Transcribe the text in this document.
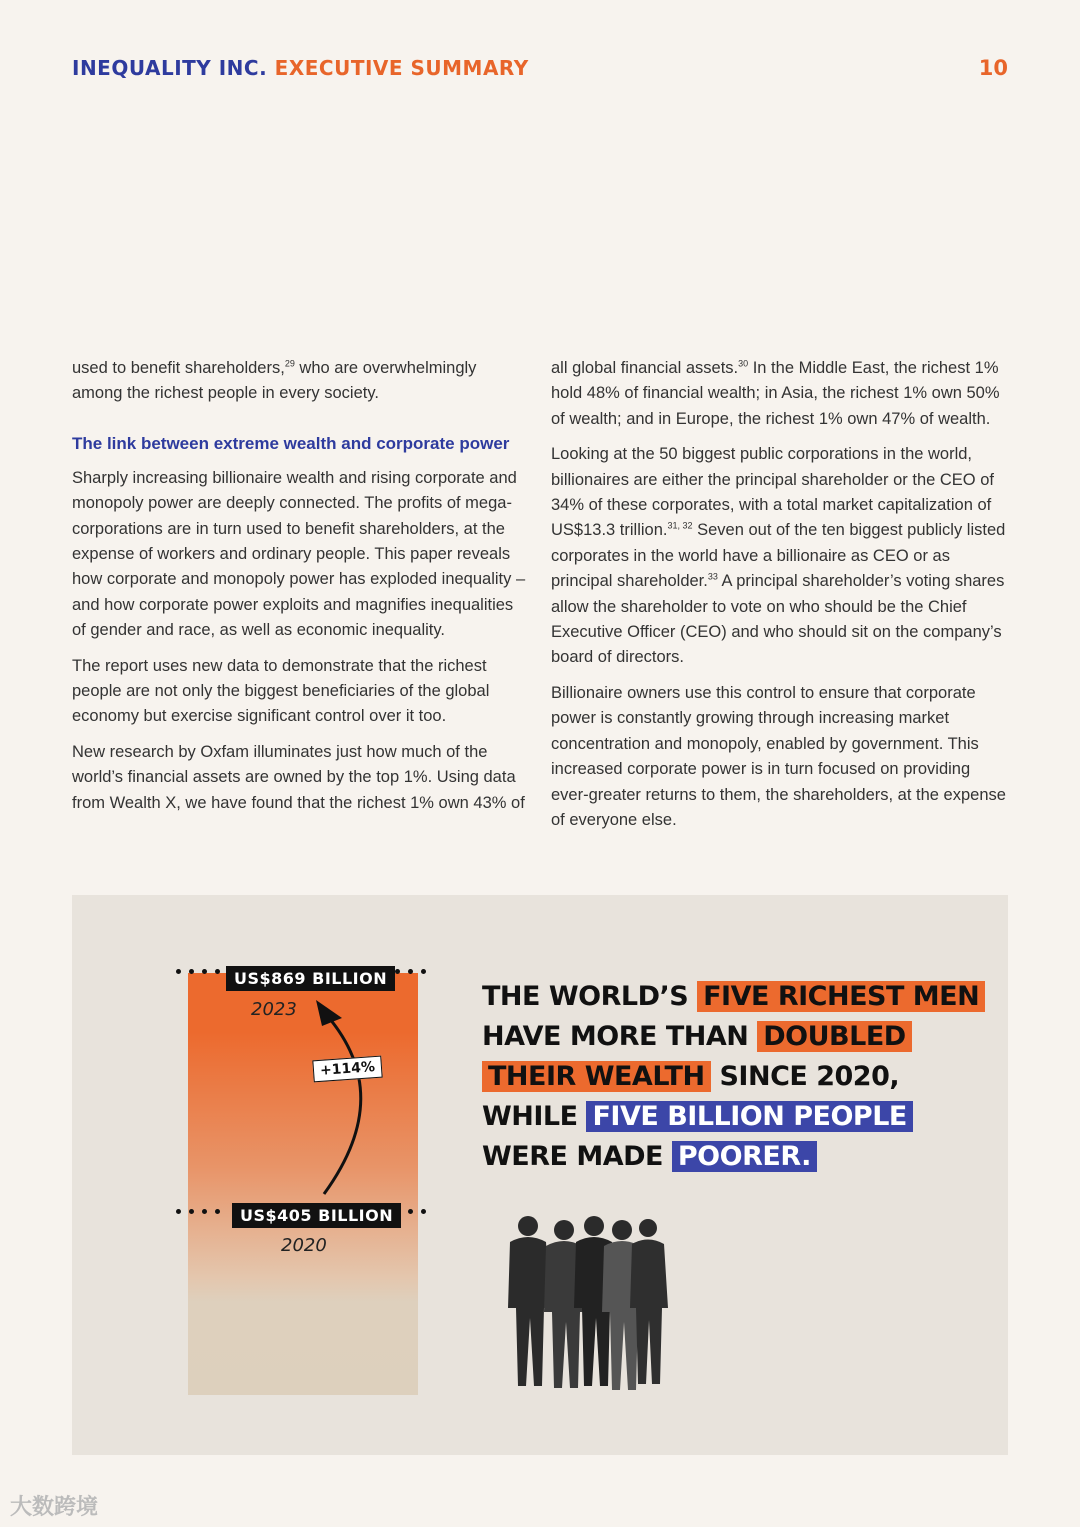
INEQUALITY INC. EXECUTIVE SUMMARY	10

used to benefit shareholders,$^{29}$ who are overwhelmingly among the richest people in every society.

The link between extreme wealth and corporate power

Sharply increasing billionaire wealth and rising corporate and monopoly power are deeply connected. The profits of mega-corporations are in turn used to benefit shareholders, at the expense of workers and ordinary people. This paper reveals how corporate and monopoly power has exploded inequality – and how corporate power exploits and magnifies inequalities of gender and race, as well as economic inequality.

The report uses new data to demonstrate that the richest people are not only the biggest beneficiaries of the global economy but exercise significant control over it too.

New research by Oxfam illuminates just how much of the world’s financial assets are owned by the top 1%. Using data from Wealth X, we have found that the richest 1% own 43% of

all global financial assets.$^{30}$ In the Middle East, the richest 1% hold 48% of financial wealth; in Asia, the richest 1% own 50% of wealth; and in Europe, the richest 1% own 47% of wealth.

Looking at the 50 biggest public corporations in the world, billionaires are either the principal shareholder or the CEO of 34% of these corporates, with a total market capitalization of US$13.3 trillion.$^{31, 32}$ Seven out of the ten biggest publicly listed corporates in the world have a billionaire as CEO or as principal shareholder.$^{33}$ A principal shareholder’s voting shares allow the shareholder to vote on who should be the Chief Executive Officer (CEO) and who should sit on the company’s board of directors.

Billionaire owners use this control to ensure that corporate power is constantly growing through increasing market concentration and monopoly, enabled by government. This increased corporate power is in turn focused on providing ever-greater returns to them, the shareholders, at the expense of everyone else.

US$869 BILLION
2023
+114%
US$405 BILLION
2020
THE WORLD’S FIVE RICHEST MEN
HAVE MORE THAN DOUBLED
THEIR WEALTH SINCE 2020,
WHILE FIVE BILLION PEOPLE
WERE MADE POORER.
大数跨境
